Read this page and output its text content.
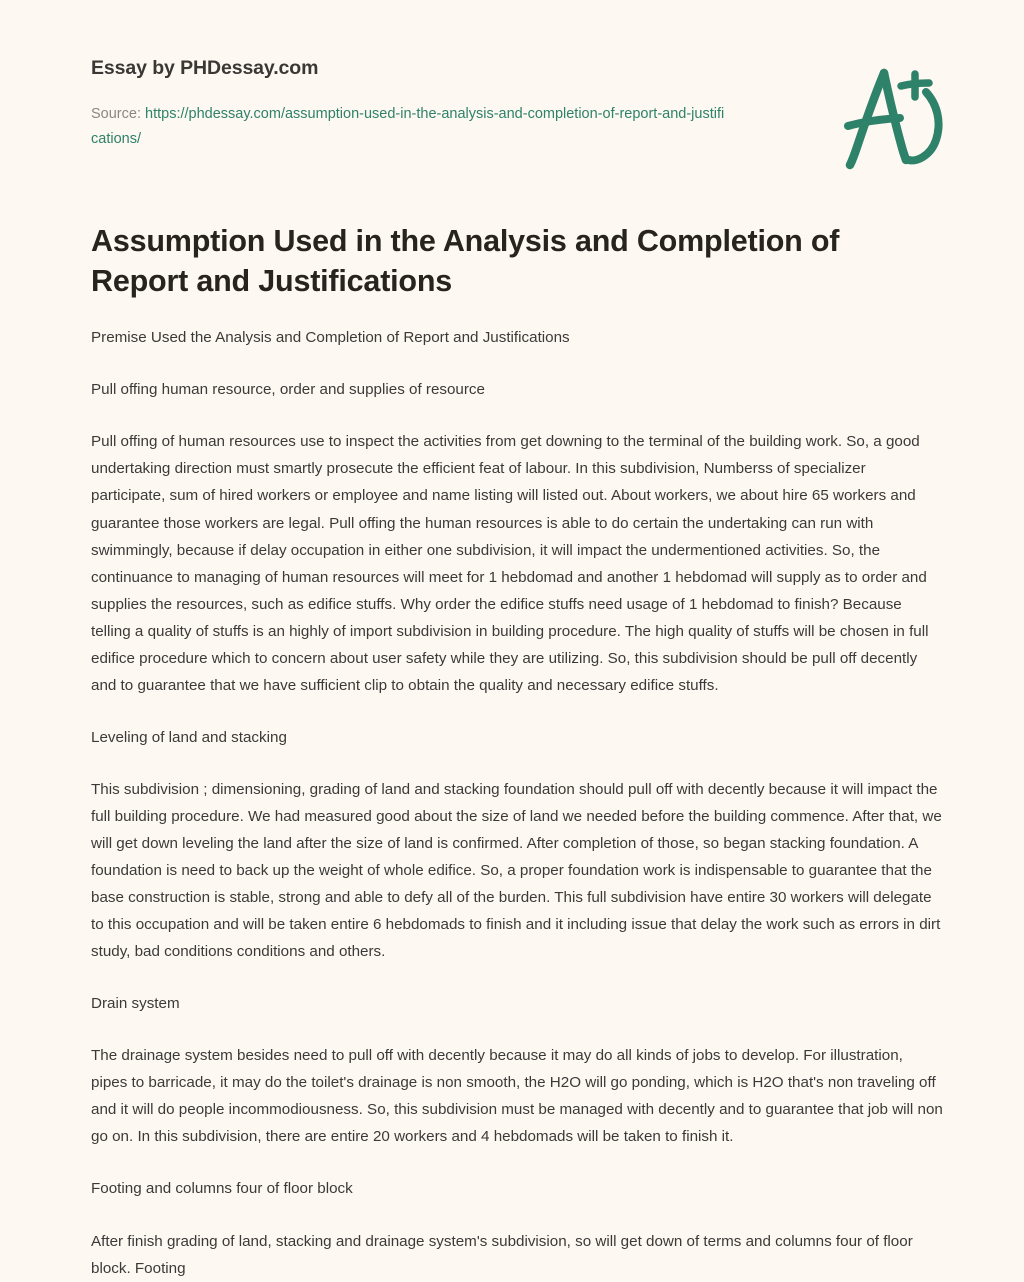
Essay by PHDessay.com
Source: https://phdessay.com/assumption-used-in-the-analysis-and-completion-of-report-and-justifications/
Assumption Used in the Analysis and Completion of Report and Justifications

Premise Used the Analysis and Completion of Report and Justifications

Pull offing human resource, order and supplies of resource

Pull offing of human resources use to inspect the activities from get downing to the terminal of the building work. So, a good undertaking direction must smartly prosecute the efficient feat of labour. In this subdivision, Numberss of specializer participate, sum of hired workers or employee and name listing will listed out. About workers, we about hire 65 workers and guarantee those workers are legal. Pull offing the human resources is able to do certain the undertaking can run with swimmingly, because if delay occupation in either one subdivision, it will impact the undermentioned activities. So, the continuance to managing of human resources will meet for 1 hebdomad and another 1 hebdomad will supply as to order and supplies the resources, such as edifice stuffs. Why order the edifice stuffs need usage of 1 hebdomad to finish? Because telling a quality of stuffs is an highly of import subdivision in building procedure. The high quality of stuffs will be chosen in full edifice procedure which to concern about user safety while they are utilizing. So, this subdivision should be pull off decently and to guarantee that we have sufficient clip to obtain the quality and necessary edifice stuffs.

Leveling of land and stacking

This subdivision ; dimensioning, grading of land and stacking foundation should pull off with decently because it will impact the full building procedure. We had measured good about the size of land we needed before the building commence. After that, we will get down leveling the land after the size of land is confirmed. After completion of those, so began stacking foundation. A foundation is need to back up the weight of whole edifice. So, a proper foundation work is indispensable to guarantee that the base construction is stable, strong and able to defy all of the burden. This full subdivision have entire 30 workers will delegate to this occupation and will be taken entire 6 hebdomads to finish and it including issue that delay the work such as errors in dirt study, bad conditions conditions and others.

Drain system

The drainage system besides need to pull off with decently because it may do all kinds of jobs to develop. For illustration, pipes to barricade, it may do the toilet's drainage is non smooth, the H2O will go ponding, which is H2O that's non traveling off and it will do people incommodiousness. So, this subdivision must be managed with decently and to guarantee that job will non go on. In this subdivision, there are entire 20 workers and 4 hebdomads will be taken to finish it.

Footing and columns four of floor block

After finish grading of land, stacking and drainage system's subdivision, so will get down of terms and columns four of floor block. Footing
